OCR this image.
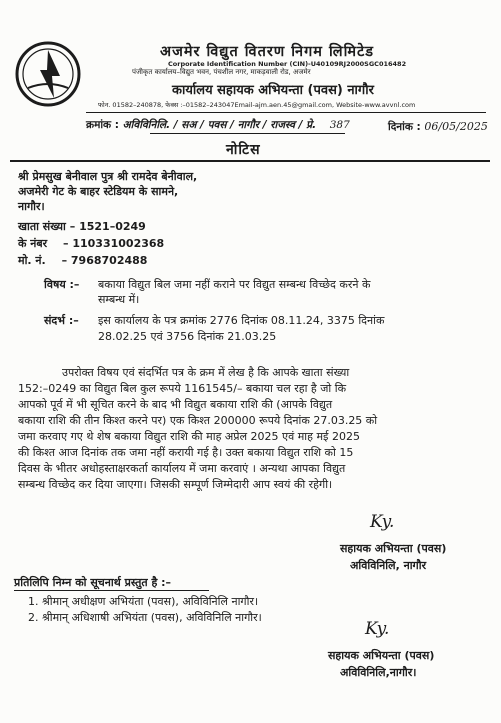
अजमेर विद्युत वितरण निगम लिमिटेड
Corporate Identification Number (CIN)-U40109RJ2000SGC016482
पंजीकृत कार्यालय–विद्युत भवन, पंचशील नगर, माकड़वाली रोड, अजमेर
कार्यालय सहायक अभियन्ता (पवस) नागौर
फोन. 01582–240878, फेक्स :–01582–243047Email-ajm.aen.45@gmail.com, Website-www.avvnl.com
क्रमांक : अविविनिलि. / सअ / पवस / नागौर / राजस्व / प्रे. 387	दिनांक : 06/05/2025
नोटिस
श्री प्रेमसुख बेनीवाल पुत्र श्री रामदेव बेनीवाल,
अजमेरी गेट के बाहर स्टेडियम के सामने,
नागौर।
खाता संख्या – 1521–0249
के नंबर – 110331002368
मो. नं. – 7968702488
विषय :– बकाया विद्युत बिल जमा नहीं कराने पर विद्युत सम्बन्ध विच्छेद करने के
सम्बन्ध में।
संदर्भ :– इस कार्यालय के पत्र क्रमांक 2776 दिनांक 08.11.24, 3375 दिनांक
28.02.25 एवं 3756 दिनांक 21.03.25
उपरोक्त विषय एवं संदर्भित पत्र के क्रम में लेख है कि आपके खाता संख्या
152:–0249 का विद्युत बिल कुल रूपये 1161545/– बकाया चल रहा है जो कि
आपको पूर्व में भी सूचित करने के बाद भी विद्युत बकाया राशि की (आपके विद्युत
बकाया राशि की तीन किश्त करने पर) एक किश्त 200000 रूपये दिनांक 27.03.25 को
जमा करवाए गए थे शेष बकाया विद्युत राशि की माह अप्रेल 2025 एवं माह मई 2025
की किश्त आज दिनांक तक जमा नहीं करायी गई है। उक्त बकाया विद्युत राशि को 15
दिवस के भीतर अधोहस्ताक्षरकर्ता कार्यालय में जमा करवाएं । अन्यथा आपका विद्युत
सम्बन्ध विच्छेद कर दिया जाएगा। जिसकी सम्पूर्ण जिम्मेदारी आप स्वयं की रहेगी।
Ky.
सहायक अभियन्ता (पवस)
अविविनिलि, नागौर
प्रतिलिपि निम्न को सूचनार्थ प्रस्तुत है :–
1. श्रीमान् अधीक्षण अभियंता (पवस), अविविनिलि नागौर।
2. श्रीमान् अधिशाषी अभियंता (पवस), अविविनिलि नागौर।
Ky.
सहायक अभियन्ता (पवस)
अविविनिलि,नागौर।
